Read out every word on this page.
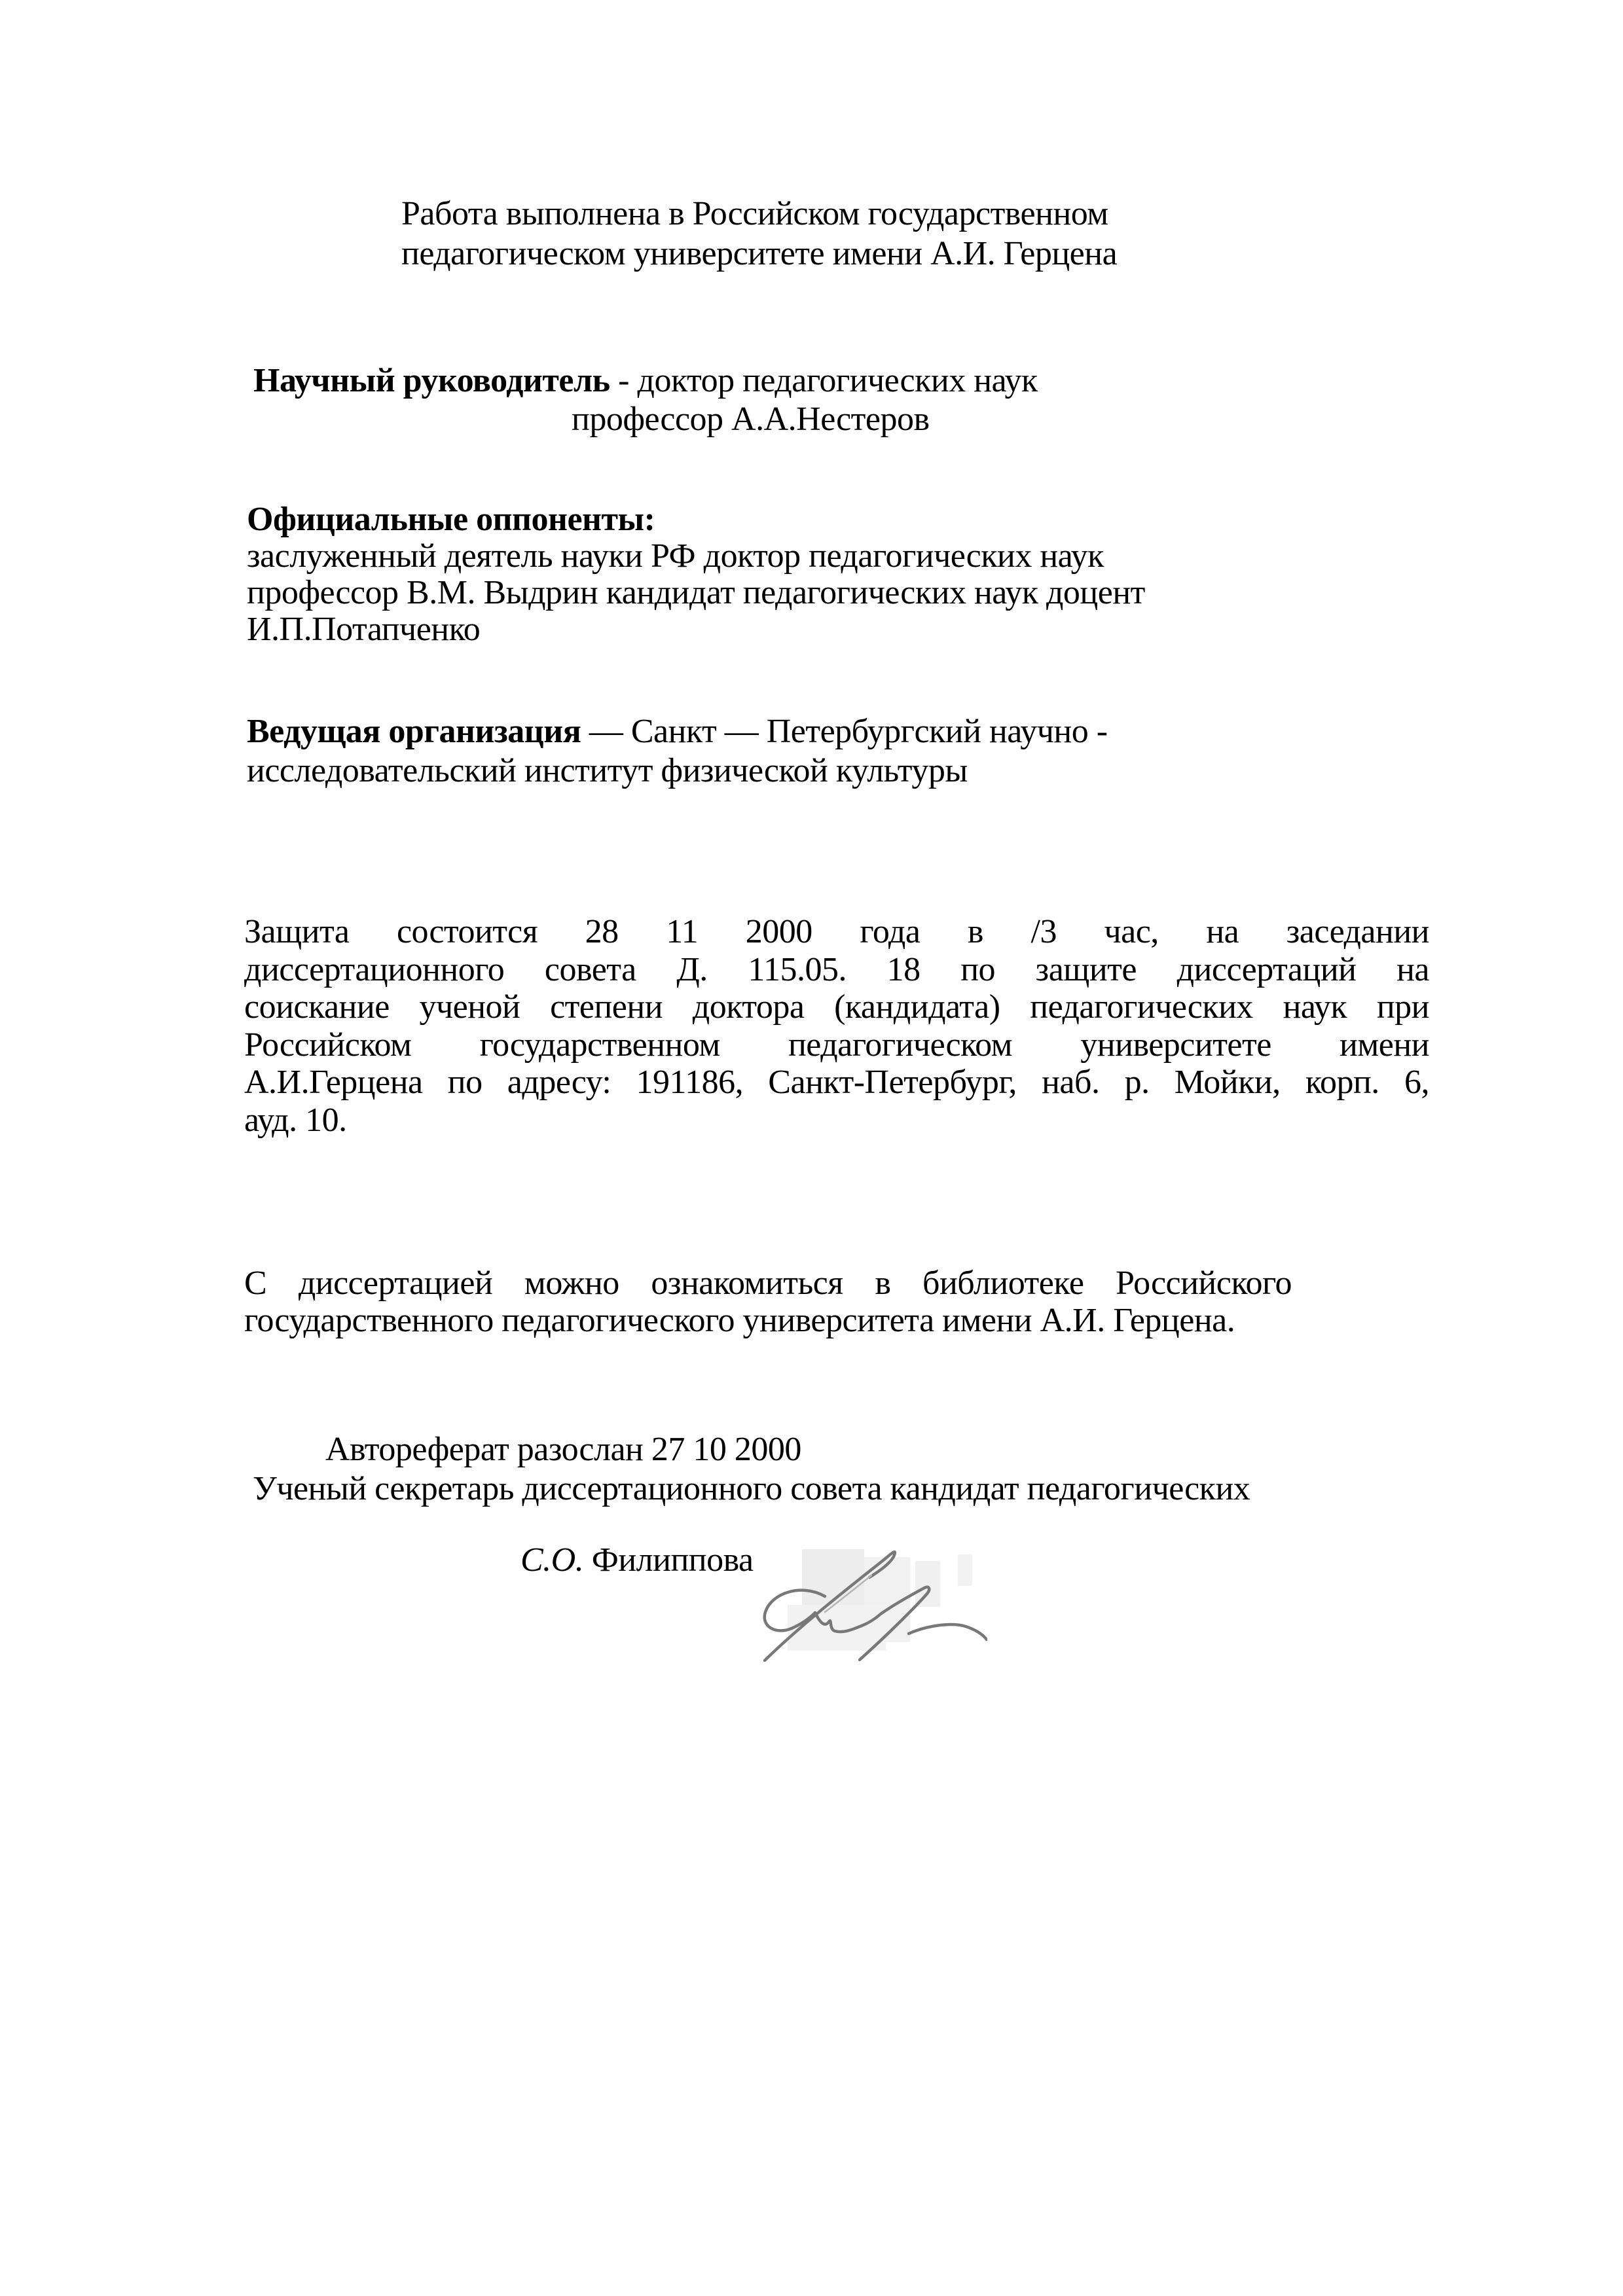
Работа выполнена в Российском государственном
педагогическом университете имени А.И. Герцена
Научный руководитель - доктор педагогических наук
профессор А.А.Нестеров
Официальные оппоненты:
заслуженный деятель науки РФ доктор педагогических наук
профессор В.М. Выдрин кандидат педагогических наук доцент
И.П.Потапченко
Ведущая организация — Санкт — Петербургский научно -
исследовательский институт физической культуры
Защита состоится 28 11 2000 года в /3 час, на заседании
диссертационного совета Д. 115.05. 18 по защите диссертаций на
соискание ученой степени доктора (кандидата) педагогических наук при
Российском государственном педагогическом университете имени
А.И.Герцена по адресу: 191186, Санкт-Петербург, наб. р. Мойки, корп. 6,
ауд. 10.
С диссертацией можно ознакомиться в библиотеке Российского
государственного педагогического университета имени А.И. Герцена.
Автореферат разослан 27 10 2000
Ученый секретарь диссертационного совета кандидат педагогических
С.О. Филиппова
